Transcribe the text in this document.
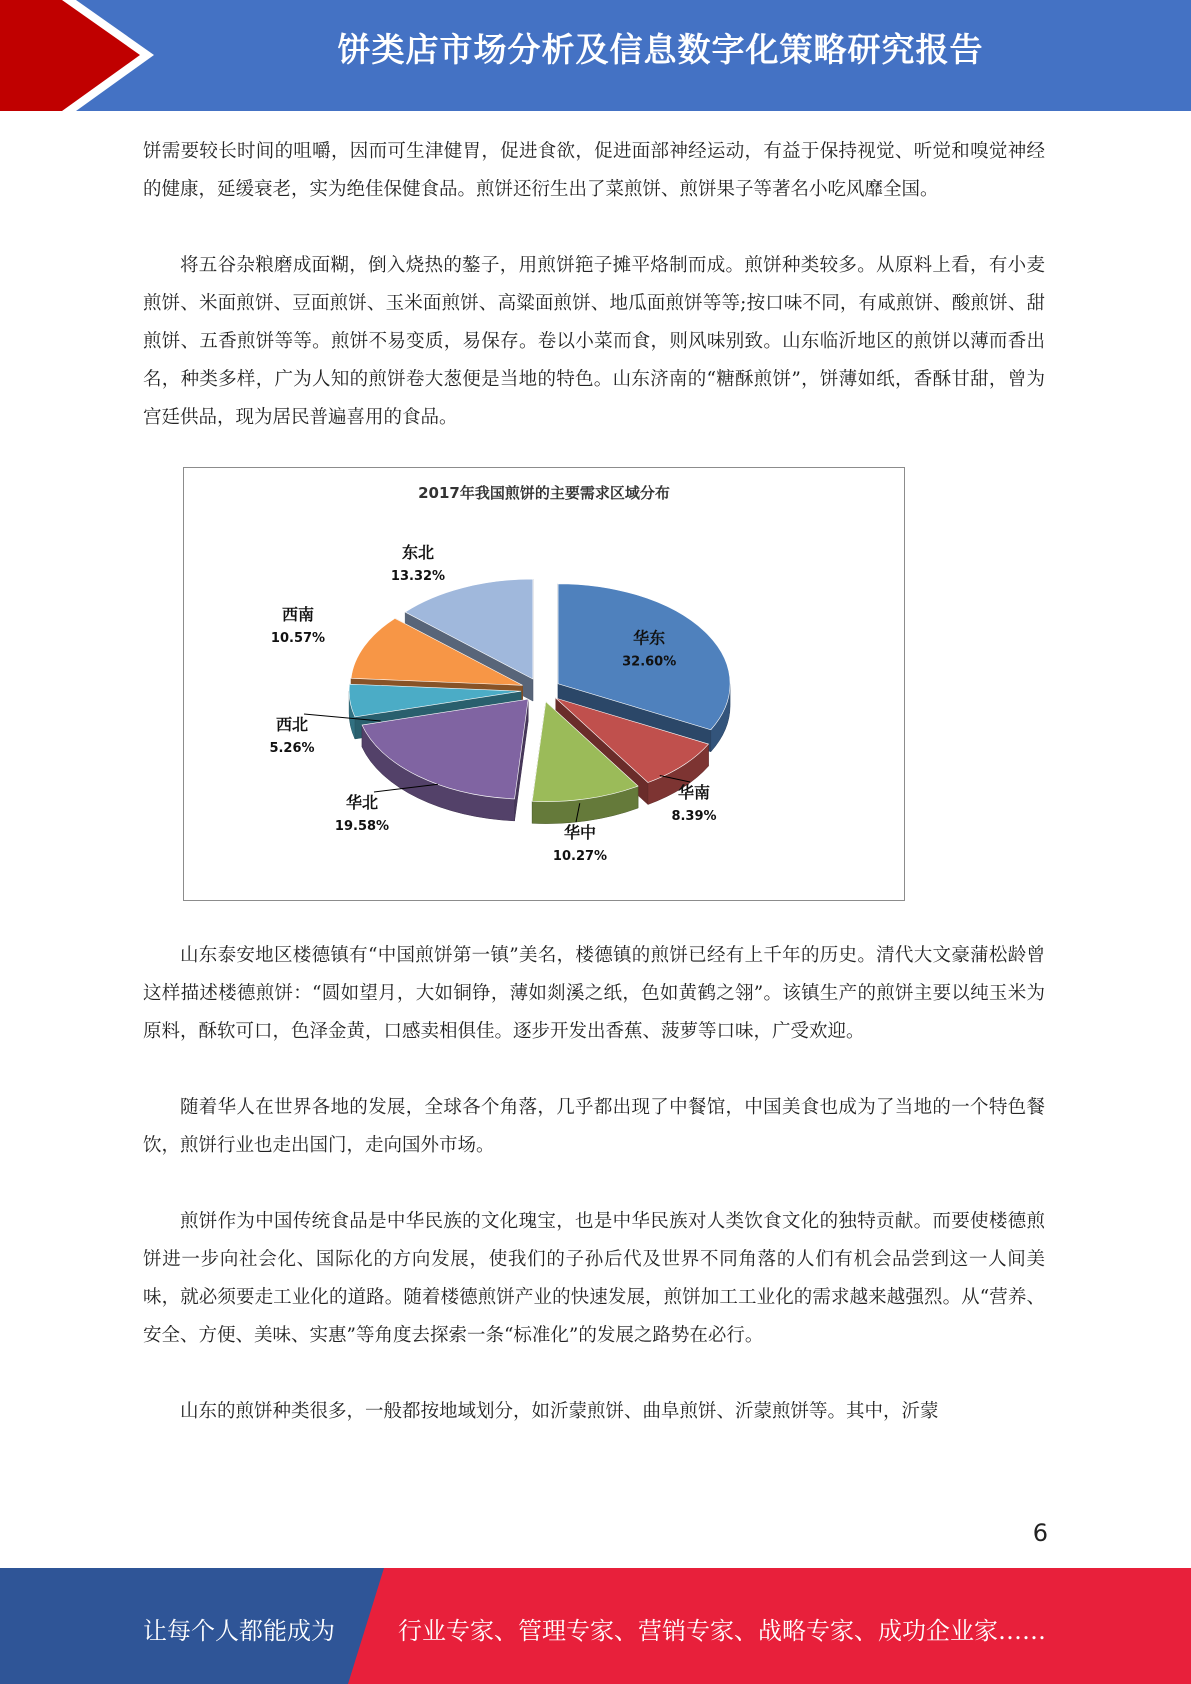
饼类店市场分析及信息数字化策略研究报告

饼需要较长时间的咀嚼，因而可生津健胃，促进食欲，促进面部神经运动，有益于保持视觉、听觉和嗅觉神经的健康，延缓衰老，实为绝佳保健食品。煎饼还衍生出了菜煎饼、煎饼果子等著名小吃风靡全国。

将五谷杂粮磨成面糊，倒入烧热的鏊子，用煎饼筢子摊平烙制而成。煎饼种类较多。从原料上看，有小麦煎饼、米面煎饼、豆面煎饼、玉米面煎饼、高粱面煎饼、地瓜面煎饼等等;按口味不同，有咸煎饼、酸煎饼、甜煎饼、五香煎饼等等。煎饼不易变质，易保存。卷以小菜而食，则风味别致。山东临沂地区的煎饼以薄而香出名，种类多样，广为人知的煎饼卷大葱便是当地的特色。山东济南的“糖酥煎饼”，饼薄如纸，香酥甘甜，曾为宫廷供品，现为居民普遍喜用的食品。

2017年我国煎饼的主要需求区域分布
华东
32.60%
华南
8.39%
华中
10.27%
华北
19.58%
西北
5.26%
西南
10.57%
东北
13.32%

山东泰安地区楼德镇有“中国煎饼第一镇”美名，楼德镇的煎饼已经有上千年的历史。清代大文豪蒲松龄曾这样描述楼德煎饼：“圆如望月，大如铜铮，薄如剡溪之纸，色如黄鹤之翎”。该镇生产的煎饼主要以纯玉米为原料，酥软可口，色泽金黄，口感卖相俱佳。逐步开发出香蕉、菠萝等口味，广受欢迎。

随着华人在世界各地的发展，全球各个角落，几乎都出现了中餐馆，中国美食也成为了当地的一个特色餐饮，煎饼行业也走出国门，走向国外市场。

煎饼作为中国传统食品是中华民族的文化瑰宝，也是中华民族对人类饮食文化的独特贡献。而要使楼德煎饼进一步向社会化、国际化的方向发展，使我们的子孙后代及世界不同角落的人们有机会品尝到这一人间美味，就必须要走工业化的道路。随着楼德煎饼产业的快速发展，煎饼加工工业化的需求越来越强烈。从“营养、安全、方便、美味、实惠”等角度去探索一条“标准化”的发展之路势在必行。

山东的煎饼种类很多，一般都按地域划分，如沂蒙煎饼、曲阜煎饼、沂蒙煎饼等。其中，沂蒙

6
让每个人都能成为	行业专家、管理专家、营销专家、战略专家、成功企业家……
